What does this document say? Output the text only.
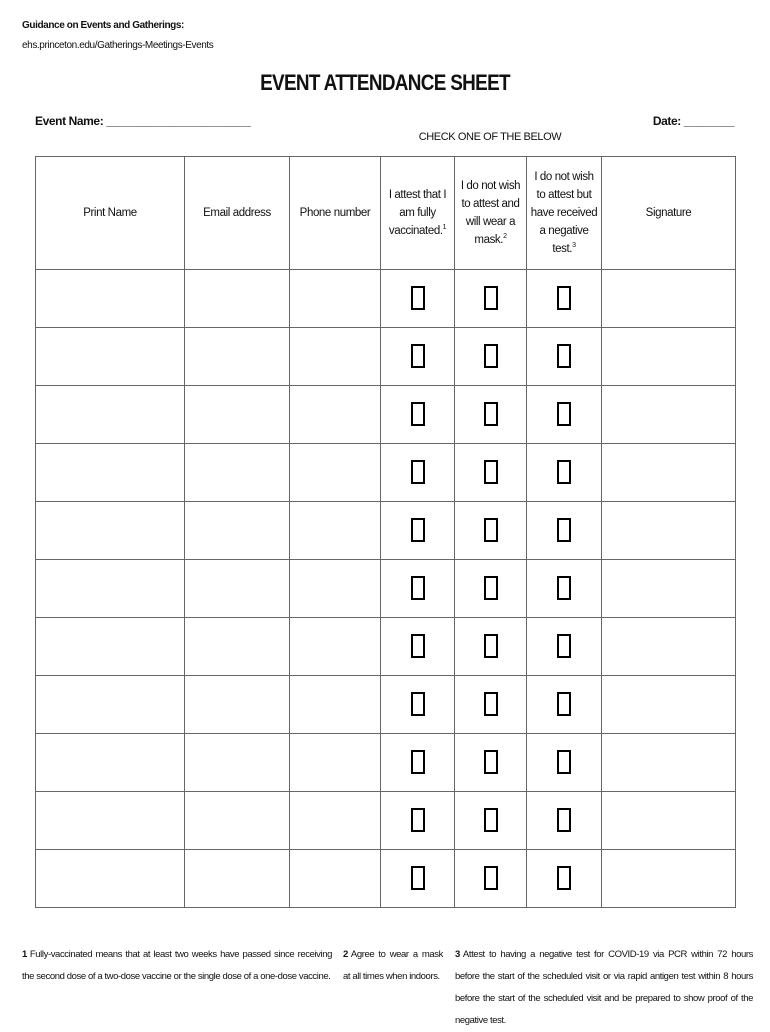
Guidance on Events and Gatherings:
ehs.princeton.edu/Gatherings-Meetings-Events
EVENT ATTENDANCE SHEET
Event Name: _______________________	Date: ________
CHECK ONE OF THE BELOW
Print Name	Email address	Phone number	I attest that I am fully vaccinated.$^1$	I do not wish to attest and will wear a mask.$^2$	I do not wish to attest but have received a negative test.$^3$	Signature

1 Fully-vaccinated means that at least two weeks have passed since receiving the second dose of a two-dose vaccine or the single dose of a one-dose vaccine.
2 Agree to wear a mask at all times when indoors.
3 Attest to having a negative test for COVID-19 via PCR within 72 hours before the start of the scheduled visit or via rapid antigen test within 8 hours before the start of the scheduled visit and be prepared to show proof of the negative test.
